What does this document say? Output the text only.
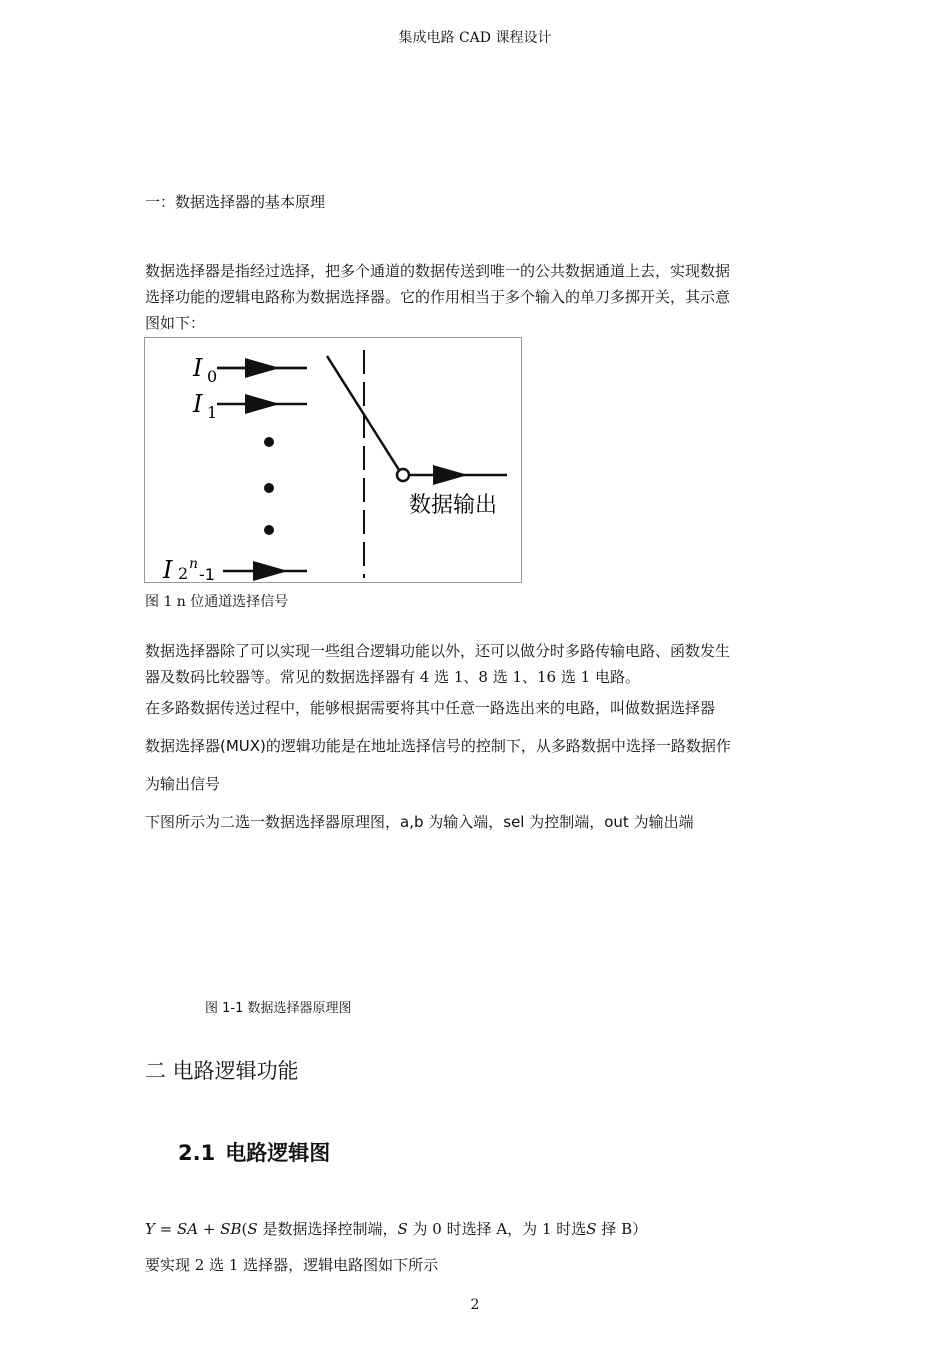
集成电路 CAD 课程设计
一：数据选择器的基本原理
数据选择器是指经过选择，把多个通道的数据传送到唯一的公共数据通道上去，实现数据
选择功能的逻辑电路称为数据选择器。它的作用相当于多个输入的单刀多掷开关，其示意
图如下：
I 0
I 1
I 2 n
-1
数据输出
图 1 n 位通道选择信号
数据选择器除了可以实现一些组合逻辑功能以外，还可以做分时多路传输电路、函数发生
器及数码比较器等。常见的数据选择器有 4 选 1、8 选 1、16 选 1 电路。
在多路数据传送过程中，能够根据需要将其中任意一路选出来的电路，叫做数据选择器
数据选择器(MUX)的逻辑功能是在地址选择信号的控制下，从多路数据中选择一路数据作
为输出信号
下图所示为二选一数据选择器原理图，a,b 为输入端，sel 为控制端，out 为输出端
图 1-1 数据选择器原理图
二 电路逻辑功能
2.1 电路逻辑图
Y = SA + SB(S 是数据选择控制端，S 为 0 时选择 A，为 1 时选S 择 B）
要实现 2 选 1 选择器，逻辑电路图如下所示
2
